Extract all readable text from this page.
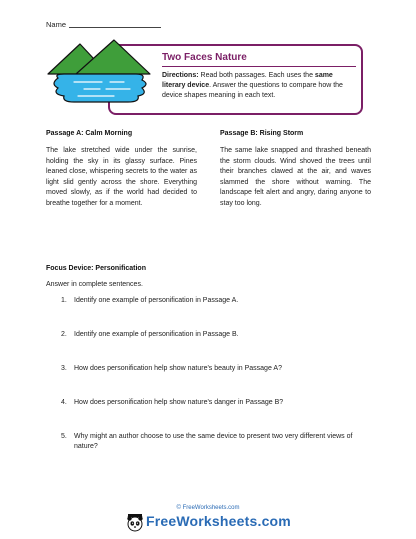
Name
Two Faces Nature
Directions: Read both passages. Each uses the same literary device. Answer the questions to compare how the device shapes meaning in each text.
Passage A: Calm Morning
The lake stretched wide under the sunrise, holding the sky in its glassy surface. Pines leaned close, whispering secrets to the water as light slid gently across the shore. Everything moved slowly, as if the world had decided to breathe together for a moment.
Passage B: Rising Storm
The same lake snapped and thrashed beneath the storm clouds. Wind shoved the trees until their branches clawed at the air, and waves slammed the shore without warning. The landscape felt alert and angry, daring anyone to stay too long.
Focus Device: Personification
Answer in complete sentences.
1. Identify one example of personification in Passage A.
2. Identify one example of personification in Passage B.
3. How does personification help show nature's beauty in Passage A?
4. How does personification help show nature's danger in Passage B?
5. Why might an author choose to use the same device to present two very different views of nature?
© FreeWorksheets.com
FreeWorksheets.com
